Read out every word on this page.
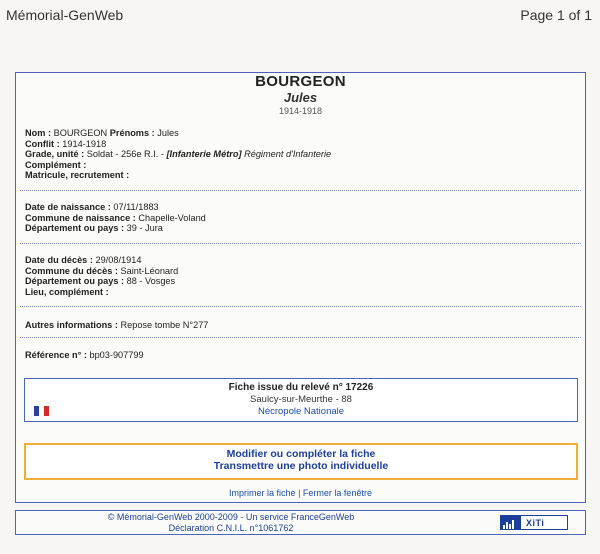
Mémorial-GenWeb	Page 1 of 1
BOURGEON
Jules
1914-1918
Nom : BOURGEON Prénoms : Jules
Conflit : 1914-1918
Grade, unité : Soldat - 256e R.I. - [Infanterie Métro] Régiment d'Infanterie
Complément :
Matricule, recrutement :
Date de naissance : 07/11/1883
Commune de naissance : Chapelle-Voland
Département ou pays : 39 - Jura
Date du décès : 29/08/1914
Commune du décès : Saint-Léonard
Département ou pays : 88 - Vosges
Lieu, complément :
Autres informations : Repose tombe N°277
Référence n° : bp03-907799
Fiche issue du relevé n° 17226
Saulcy-sur-Meurthe - 88
Nécropole Nationale
Modifier ou compléter la fiche
Transmettre une photo individuelle
Imprimer la fiche | Fermer la fenêtre
© Mémorial-GenWeb 2000-2009 - Un service FranceGenWeb
Déclaration C.N.I.L. n°1061762	XiTi
